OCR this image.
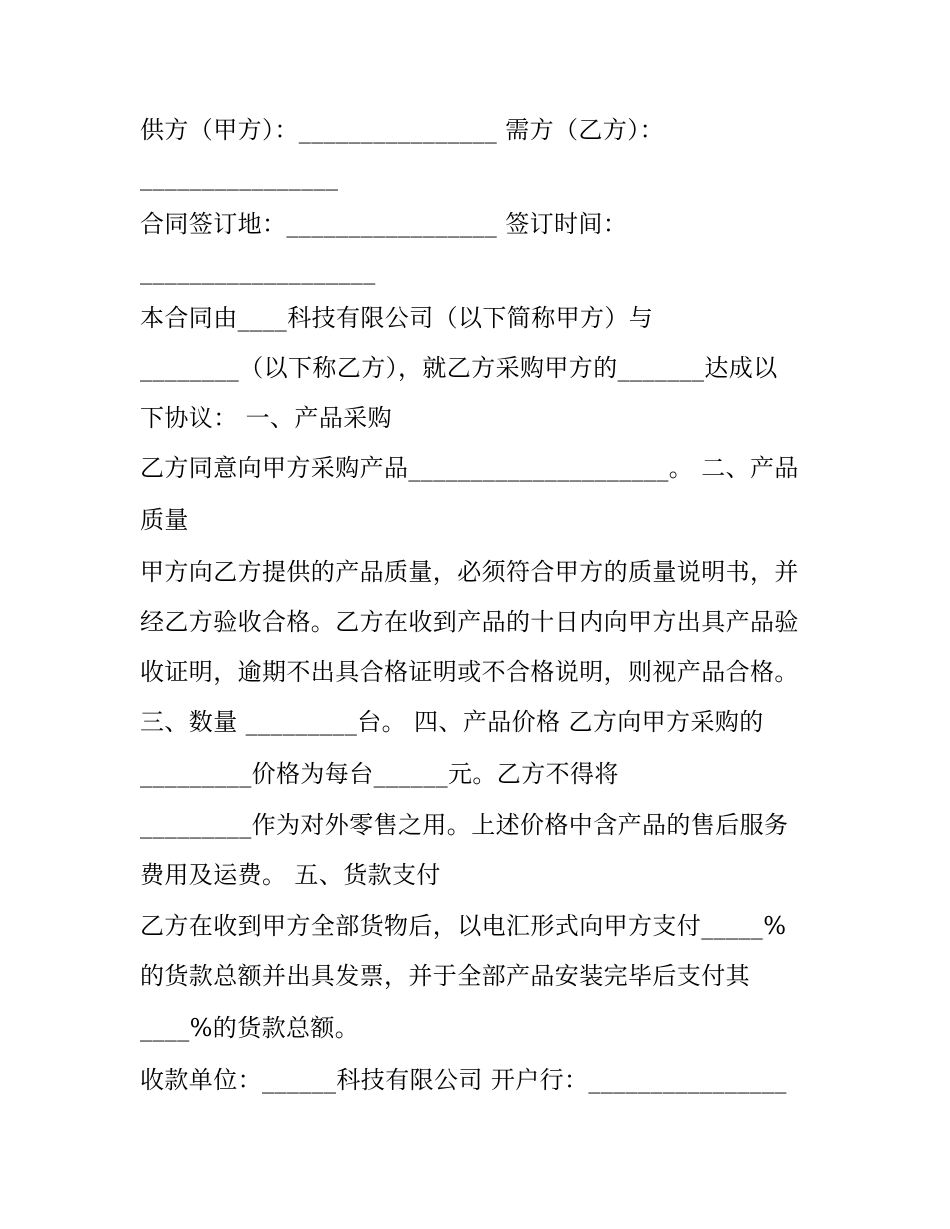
供方（甲方）：________________ 需方（乙方）：
________________
合同签订地：_________________ 签订时间：
___________________
本合同由____科技有限公司（以下简称甲方）与
________（以下称乙方），就乙方采购甲方的_______达成以
下协议： 一、产品采购
乙方同意向甲方采购产品_____________________。 二、产品
质量
甲方向乙方提供的产品质量，必须符合甲方的质量说明书，并
经乙方验收合格。乙方在收到产品的十日内向甲方出具产品验
收证明，逾期不出具合格证明或不合格说明，则视产品合格。
三、数量 _________台。 四、产品价格 乙方向甲方采购的
_________价格为每台______元。乙方不得将
_________作为对外零售之用。上述价格中含产品的售后服务
费用及运费。 五、货款支付
乙方在收到甲方全部货物后，以电汇形式向甲方支付_____%
的货款总额并出具发票，并于全部产品安装完毕后支付其
____%的货款总额。
收款单位：______科技有限公司 开户行：________________
